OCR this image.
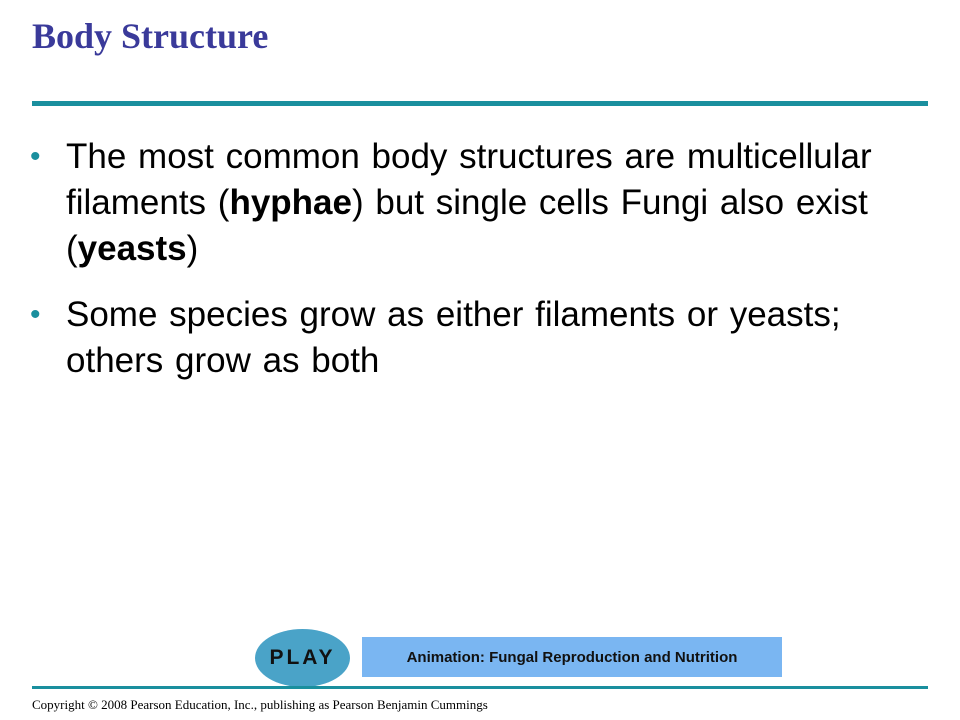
Body Structure
• The most common body structures are multicellular filaments (hyphae) but single cells Fungi also exist (yeasts)
• Some species grow as either filaments or yeasts; others grow as both
PLAY	Animation: Fungal Reproduction and Nutrition
Copyright © 2008 Pearson Education, Inc., publishing as Pearson Benjamin Cummings
